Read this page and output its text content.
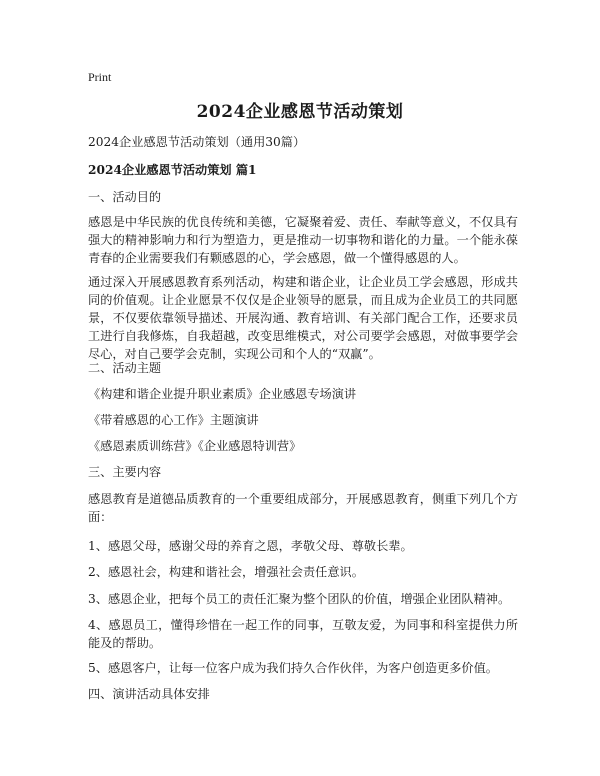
Print
2024企业感恩节活动策划
2024企业感恩节活动策划（通用30篇）
2024企业感恩节活动策划 篇1
一、活动目的
感恩是中华民族的优良传统和美德，它凝聚着爱、责任、奉献等意义，不仅具有强大的精神影响力和行为塑造力，更是推动一切事物和谐化的力量。一个能永葆青春的企业需要我们有颗感恩的心，学会感恩，做一个懂得感恩的人。
通过深入开展感恩教育系列活动，构建和谐企业，让企业员工学会感恩，形成共同的价值观。让企业愿景不仅仅是企业领导的愿景，而且成为企业员工的共同愿景，不仅要依靠领导描述、开展沟通、教育培训、有关部门配合工作，还要求员工进行自我修炼，自我超越，改变思维模式，对公司要学会感恩，对做事要学会尽心，对自己要学会克制，实现公司和个人的“双赢”。
二、活动主题
《构建和谐企业提升职业素质》企业感恩专场演讲
《带着感恩的心工作》主题演讲
《感恩素质训练营》《企业感恩特训营》
三、主要内容
感恩教育是道德品质教育的一个重要组成部分，开展感恩教育，侧重下列几个方面：
1、感恩父母，感谢父母的养育之恩，孝敬父母、尊敬长辈。
2、感恩社会，构建和谐社会，增强社会责任意识。
3、感恩企业，把每个员工的责任汇聚为整个团队的价值，增强企业团队精神。
4、感恩员工，懂得珍惜在一起工作的同事，互敬友爱，为同事和科室提供力所能及的帮助。
5、感恩客户，让每一位客户成为我们持久合作伙伴，为客户创造更多价值。
四、演讲活动具体安排
